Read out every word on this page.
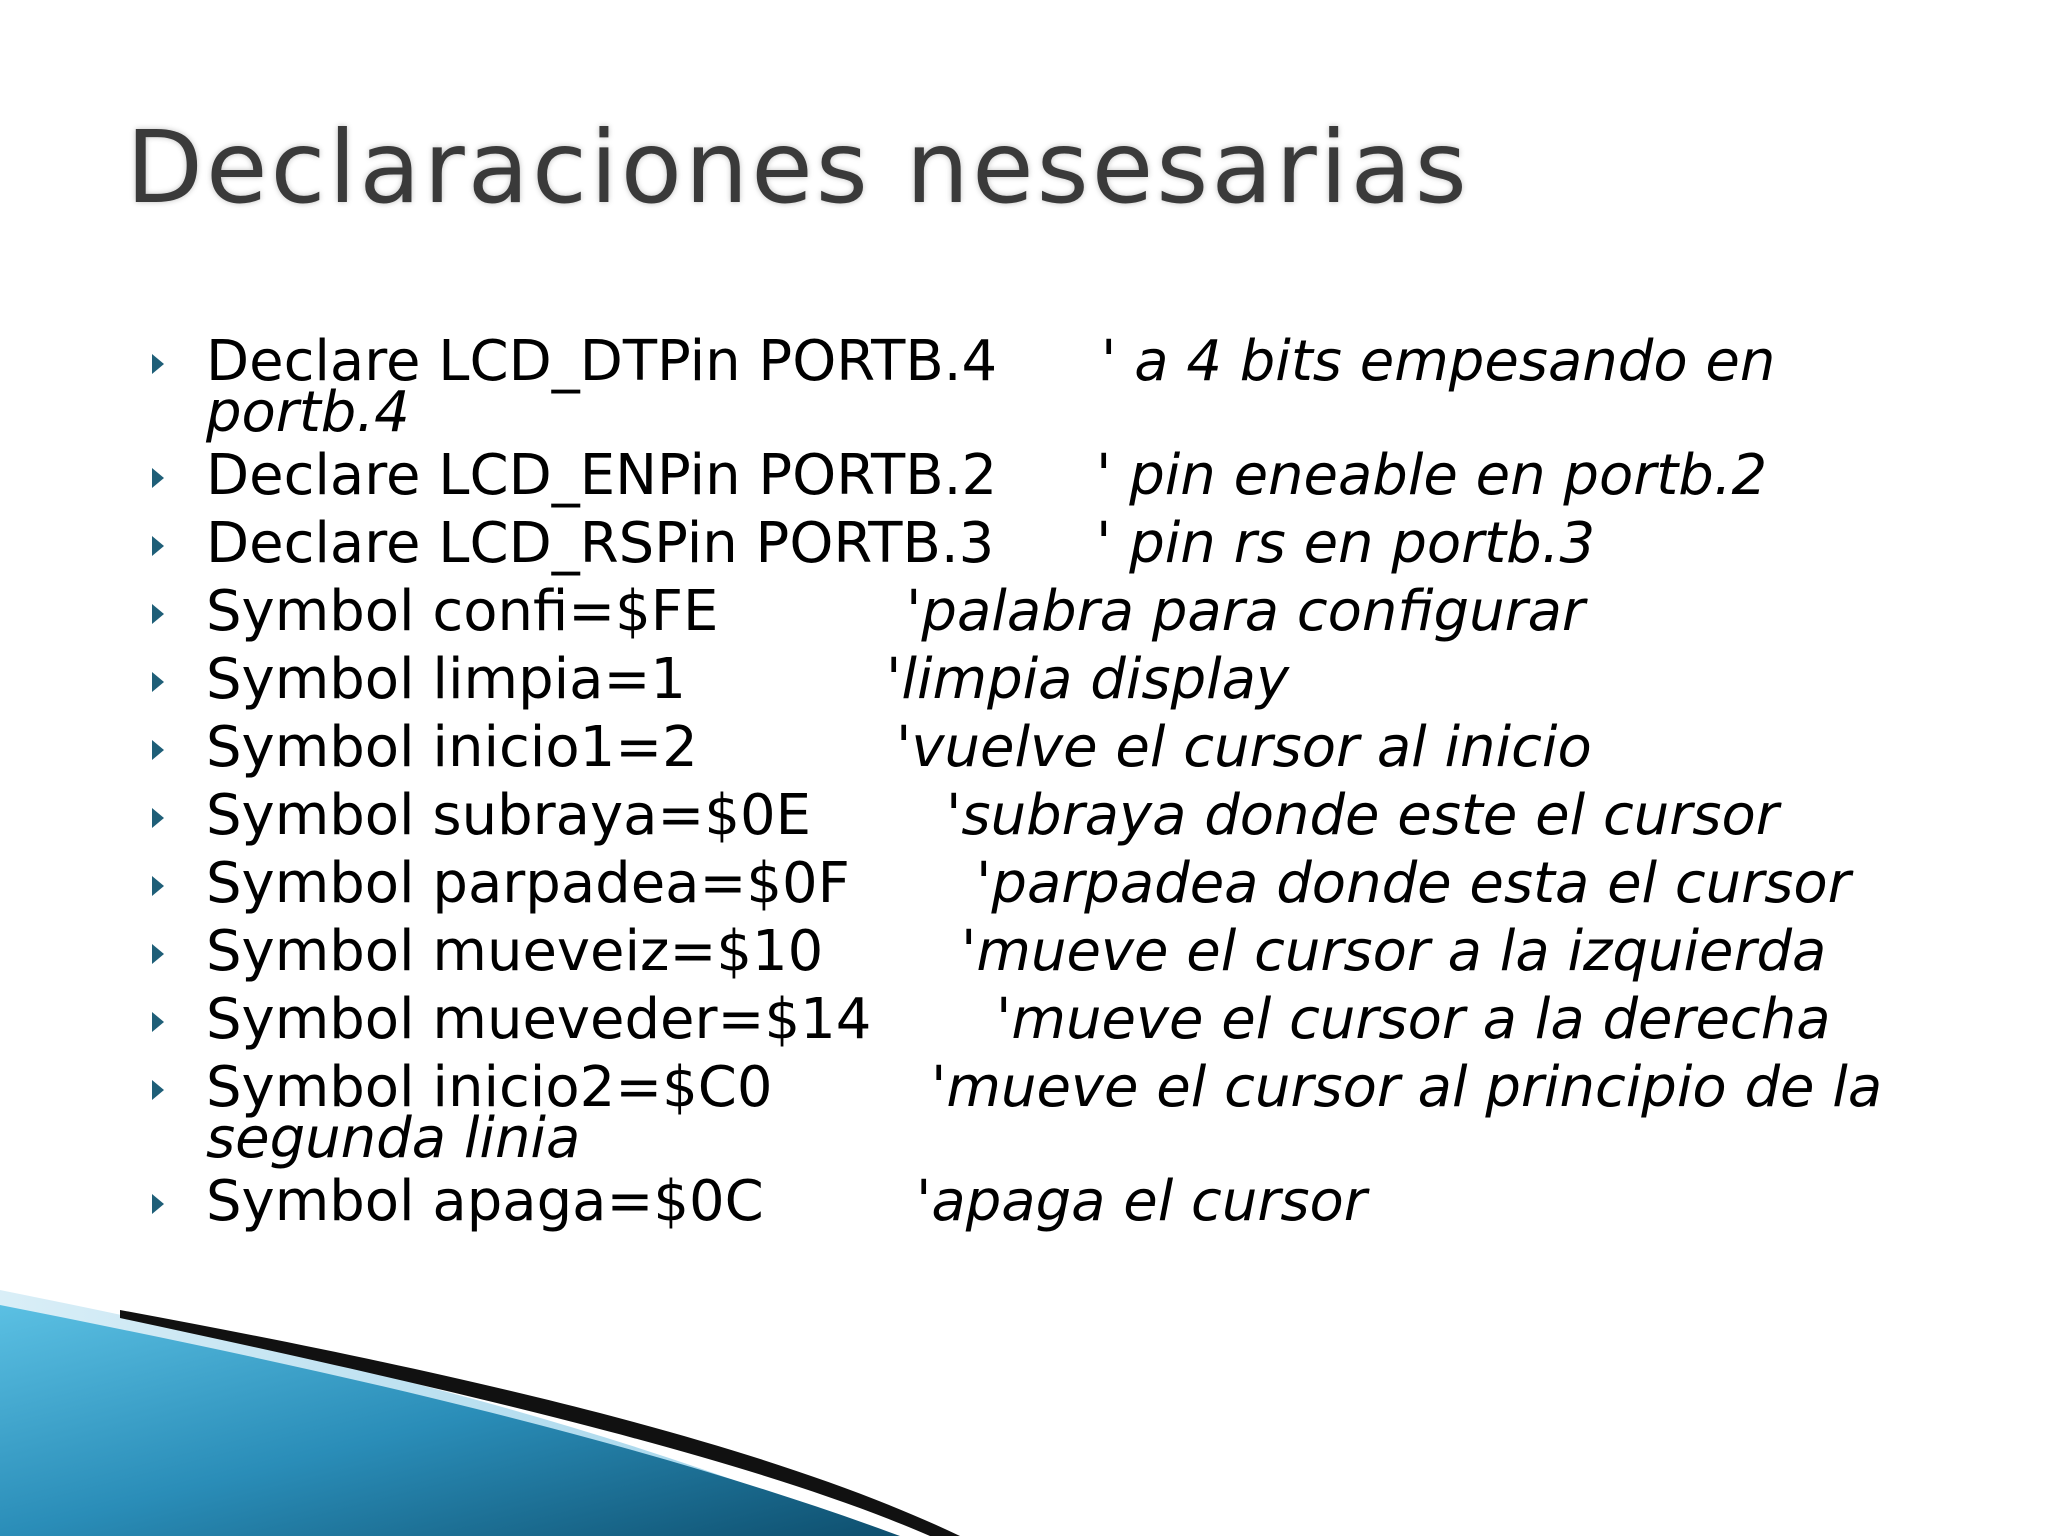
Declaraciones nesesarias
Declare LCD_DTPin PORTB.4	' a 4 bits empesando en
portb.4
Declare LCD_ENPin PORTB.2	' pin eneable en portb.2
Declare LCD_RSPin PORTB.3	' pin rs en portb.3
Symbol confi=$FE	'palabra para configurar
Symbol limpia=1	'limpia display
Symbol inicio1=2	'vuelve el cursor al inicio
Symbol subraya=$0E	'subraya donde este el cursor
Symbol parpadea=$0F	'parpadea donde esta el cursor
Symbol mueveiz=$10	'mueve el cursor a la izquierda
Symbol mueveder=$14	'mueve el cursor a la derecha
Symbol inicio2=$C0	'mueve el cursor al principio de la
segunda linia
Symbol apaga=$0C	'apaga el cursor
